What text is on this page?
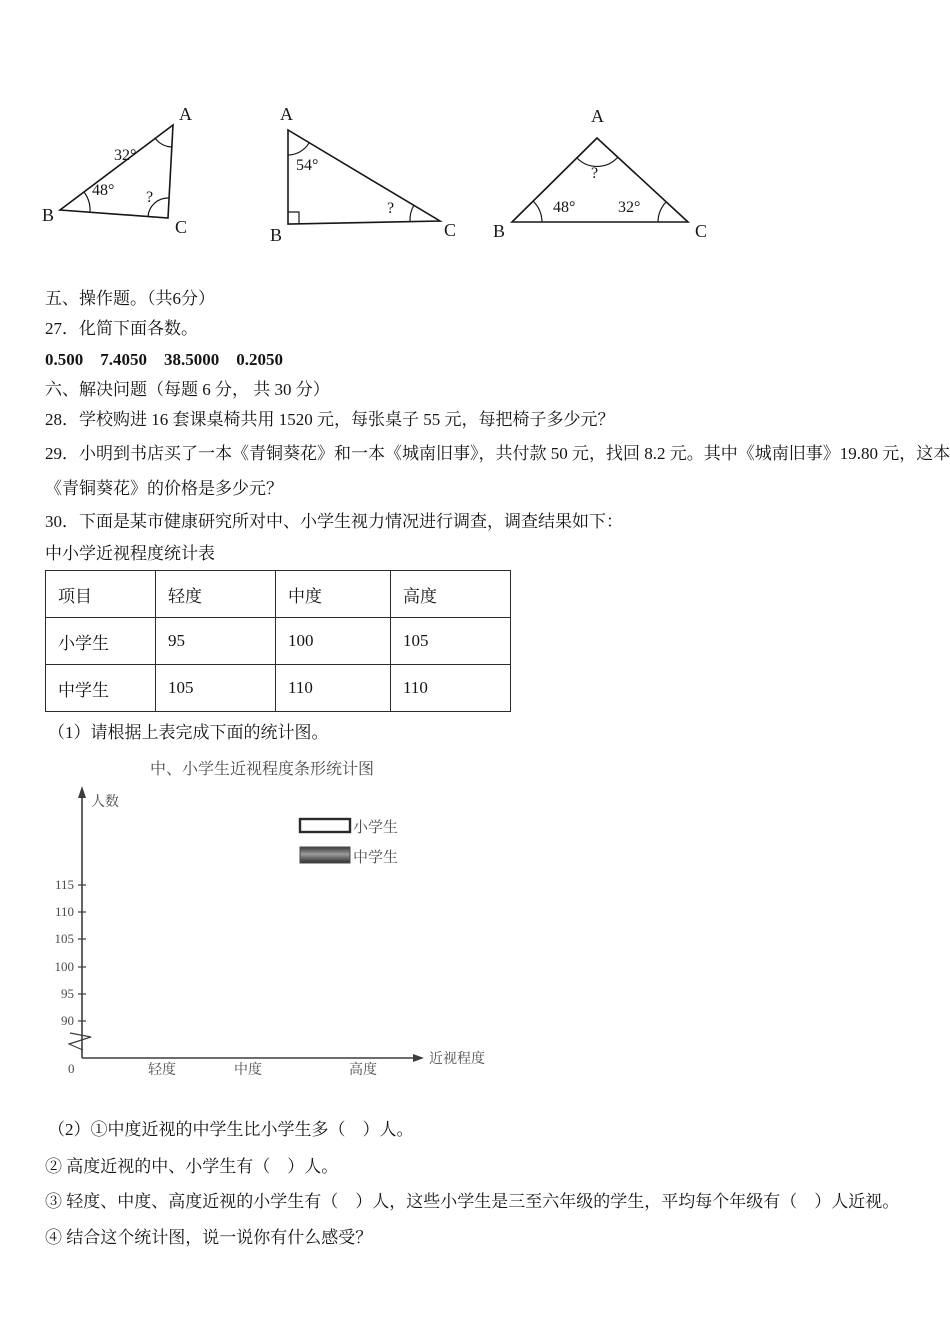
A
B
C
32°
48° ?
A
B	C
54°
?
A
B	C
?
48°	32°
五、操作题。（共6分）
27．化简下面各数。
0.500    7.4050    38.5000    0.2050
六、解决问题（每题 6 分， 共 30 分）
28．学校购进 16 套课桌椅共用 1520 元，每张桌子 55 元，每把椅子多少元？
29．小明到书店买了一本《青铜葵花》和一本《城南旧事》，共付款 50 元，找回 8.2 元。其中《城南旧事》19.80 元，这本
《青铜葵花》的价格是多少元？
30．下面是某市健康研究所对中、小学生视力情况进行调查，调查结果如下：
中小学近视程度统计表
项目	轻度	中度	高度
小学生	95	100	105
中学生	105	110	110
（1）请根据上表完成下面的统计图。
中、小学生近视程度条形统计图
人数
115
110
105
100
95
90
近视程度
0	轻度	中度	高度
小学生
中学生
（2）①中度近视的中学生比小学生多（　）人。
② 高度近视的中、小学生有（　）人。
③ 轻度、中度、高度近视的小学生有（　）人，这些小学生是三至六年级的学生，平均每个年级有（　）人近视。
④ 结合这个统计图，说一说你有什么感受？
